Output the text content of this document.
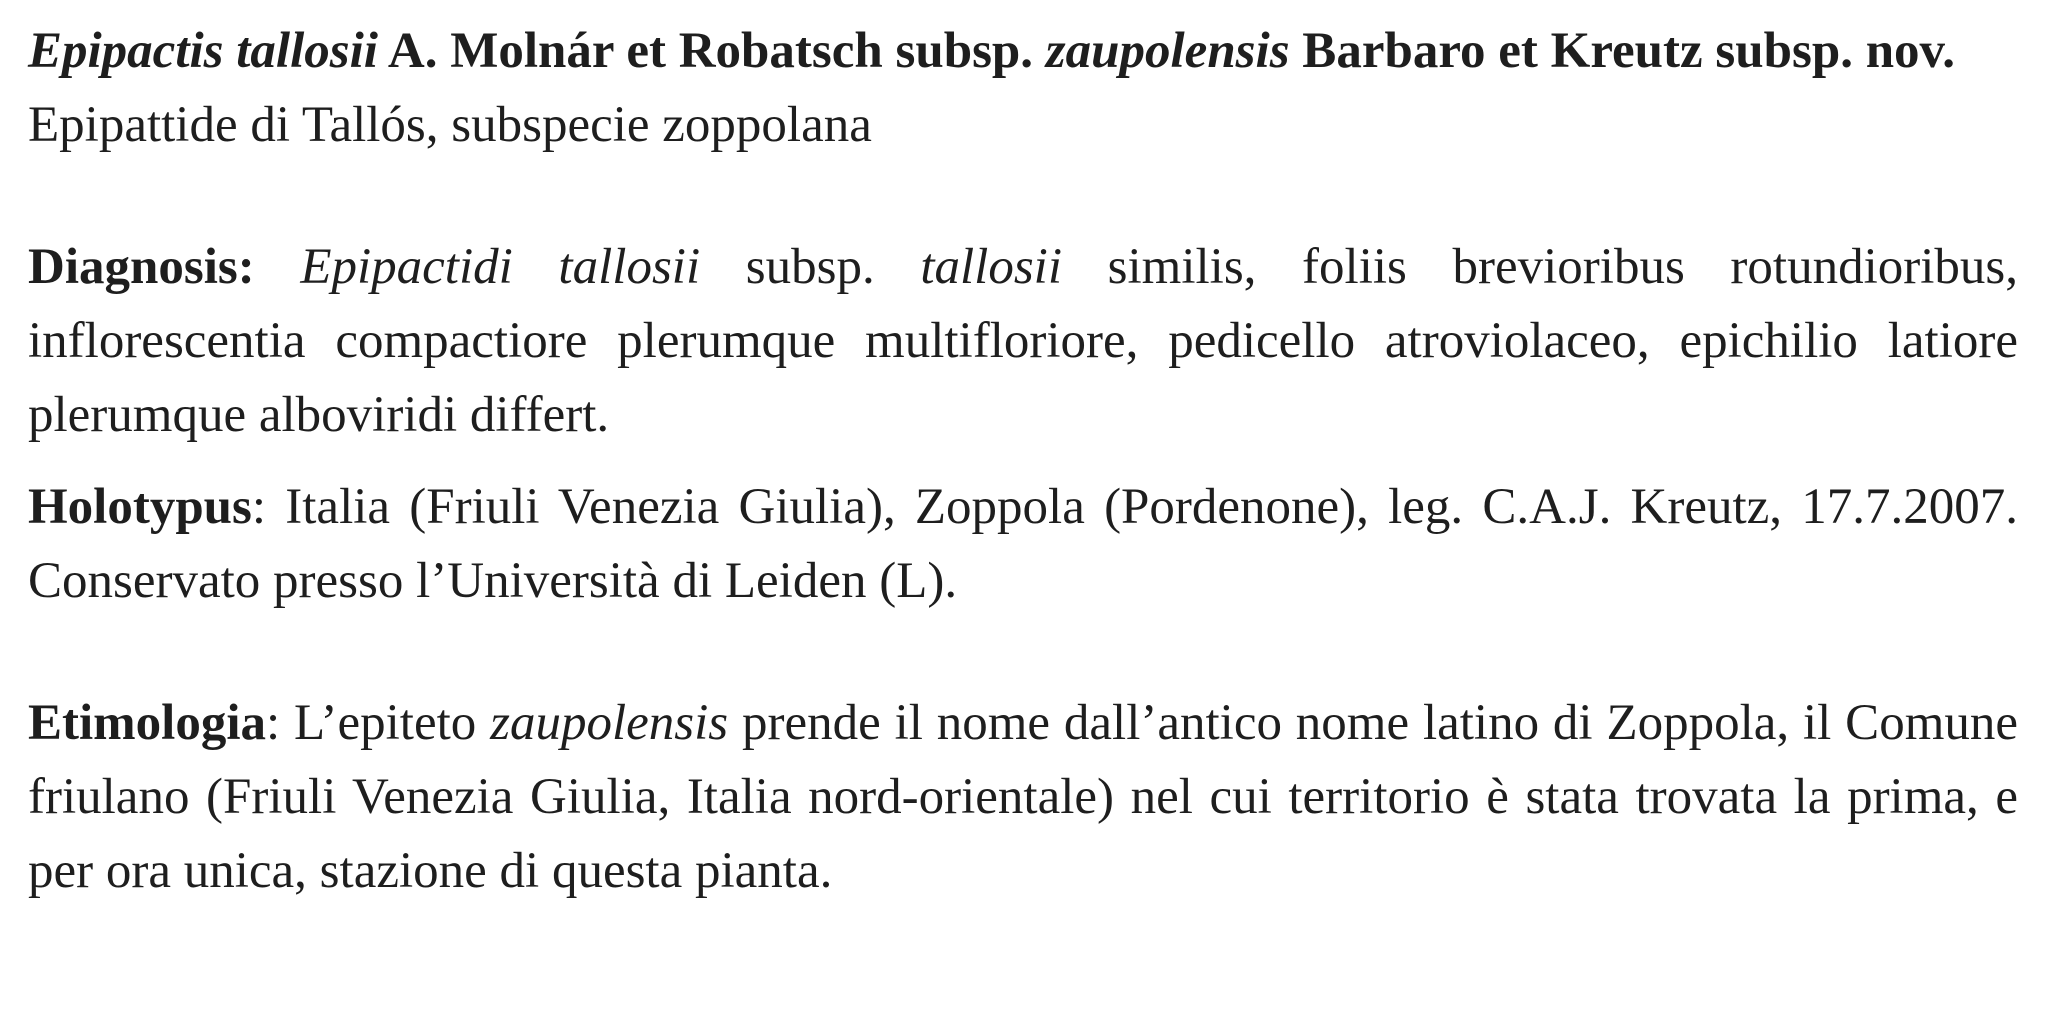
Epipactis tallosii A. Molnár et Robatsch subsp. zaupolensis Barbaro et Kreutz subsp. nov.

Epipattide di Tallós, subspecie zoppolana

Diagnosis: Epipactidi tallosii subsp. tallosii similis, foliis brevioribus rotundioribus, inflorescentia compactiore plerumque multifloriore, pedicello atroviolaceo, epichilio latiore plerumque alboviridi differt.

Holotypus: Italia (Friuli Venezia Giulia), Zoppola (Pordenone), leg. C.A.J. Kreutz, 17.7.2007. Conservato presso l’Università di Leiden (L).

Etimologia: L’epiteto zaupolensis prende il nome dall’antico nome latino di Zoppola, il Comune friulano (Friuli Venezia Giulia, Italia nord-orientale) nel cui territorio è stata trovata la prima, e per ora unica, stazione di questa pianta.
